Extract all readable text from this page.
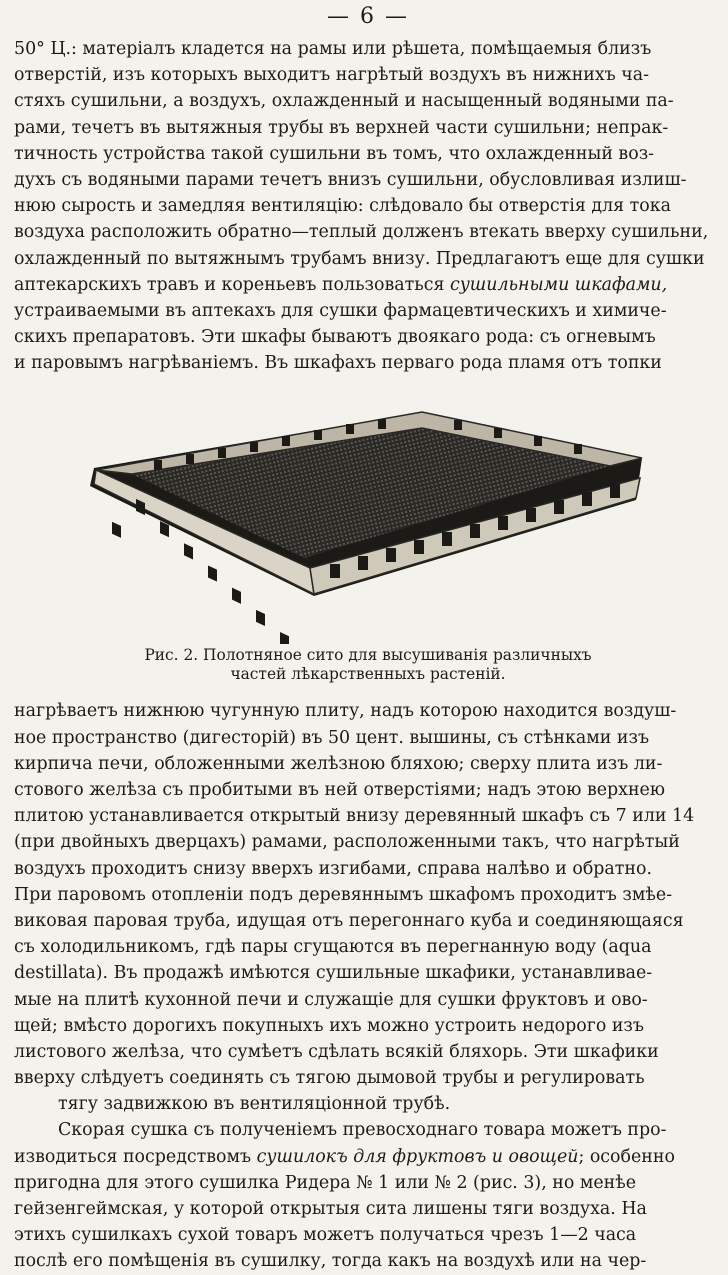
— 6 —
50° Ц.: матеріалъ кладется на рамы или рѣшета, помѣщаемыя близъ
отверстій, изъ которыхъ выходитъ нагрѣтый воздухъ въ нижнихъ ча-
стяхъ сушильни, а воздухъ, охлажденный и насыщенный водяными па-
рами, течетъ въ вытяжныя трубы въ верхней части сушильни; непрак-
тичность устройства такой сушильни въ томъ, что охлажденный воз-
духъ съ водяными парами течетъ внизъ сушильни, обусловливая излиш-
нюю сырость и замедляя вентиляцію: слѣдовало бы отверстія для тока
воздуха расположить обратно—теплый долженъ втекать вверху сушильни,
охлажденный по вытяжнымъ трубамъ внизу. Предлагаютъ еще для сушки
аптекарскихъ травъ и кореньевъ пользоваться сушильными шкафами,
устраиваемыми въ аптекахъ для сушки фармацевтическихъ и химиче-
скихъ препаратовъ. Эти шкафы бываютъ двоякаго рода: съ огневымъ
и паровымъ нагрѣваніемъ. Въ шкафахъ перваго рода пламя отъ топки
Рис. 2. Полотняное сито для высушиванія различныхъ
частей лѣкарственныхъ растеній.
нагрѣваетъ нижнюю чугунную плиту, надъ которою находится воздуш-
ное пространство (дигесторій) въ 50 цент. вышины, съ стѣнками изъ
кирпича печи, обложенными желѣзною бляхою; сверху плита изъ ли-
стового желѣза съ пробитыми въ ней отверстіями; надъ этою верхнею
плитою устанавливается открытый внизу деревянный шкафъ съ 7 или 14
(при двойныхъ дверцахъ) рамами, расположенными такъ, что нагрѣтый
воздухъ проходитъ снизу вверхъ изгибами, справа налѣво и обратно.
При паровомъ отопленіи подъ деревяннымъ шкафомъ проходитъ змѣе-
виковая паровая труба, идущая отъ перегоннаго куба и соединяющаяся
съ холодильникомъ, гдѣ пары сгущаются въ перегнанную воду (aqua
destillata). Въ продажѣ имѣются сушильные шкафики, устанавливае-
мые на плитѣ кухонной печи и служащіе для сушки фруктовъ и ово-
щей; вмѣсто дорогихъ покупныхъ ихъ можно устроить недорого изъ
листового желѣза, что сумѣетъ сдѣлать всякій бляхорь. Эти шкафики
вверху слѣдуетъ соединять съ тягою дымовой трубы и регулировать
тягу задвижкою въ вентиляціонной трубѣ.
Скорая сушка съ полученіемъ превосходнаго товара можетъ про-
изводиться посредствомъ сушилокъ для фруктовъ и овощей; особенно
пригодна для этого сушилка Ридера № 1 или № 2 (рис. 3), но менѣе
гейзенгеймская, у которой открытыя сита лишены тяги воздуха. На
этихъ сушилкахъ сухой товаръ можетъ получаться чрезъ 1—2 часа
послѣ его помѣщенія въ сушилку, тогда какъ на воздухѣ или на чер-
